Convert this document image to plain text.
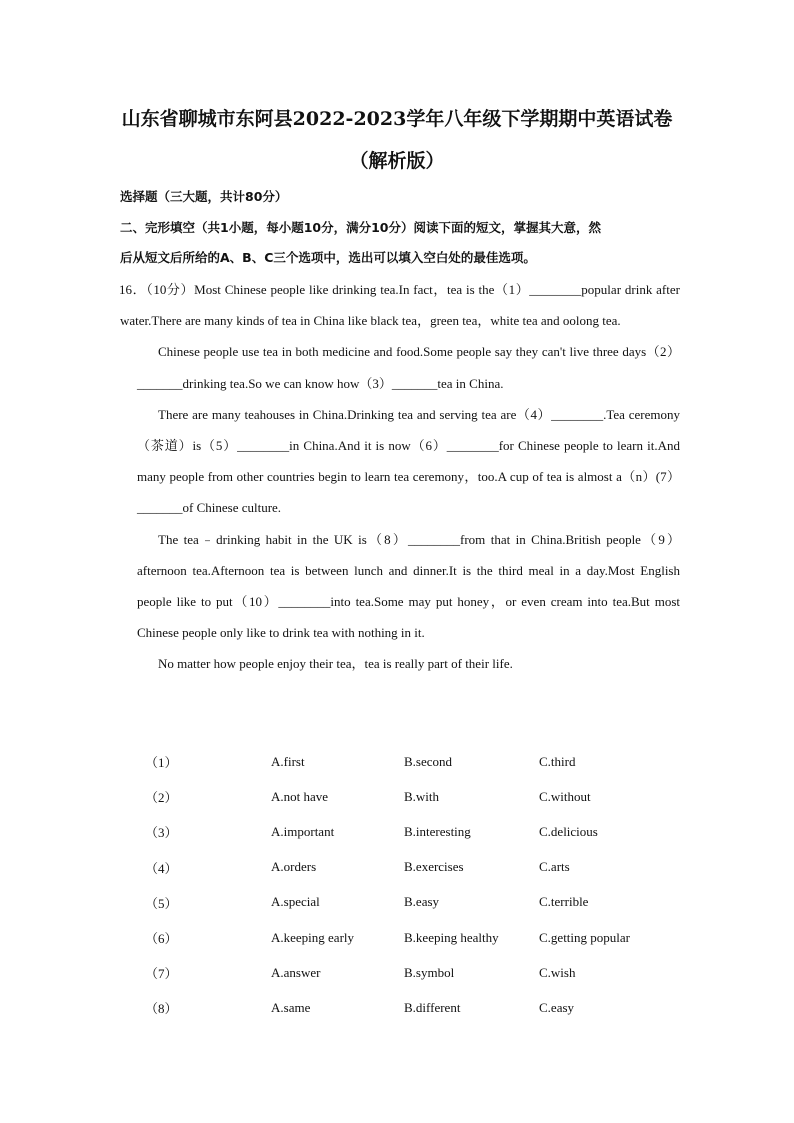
山东省聊城市东阿县2022-2023学年八年级下学期期中英语试卷
（解析版）
选择题（三大题，共计80分）
二、完形填空（共1小题，每小题10分，满分10分）阅读下面的短文，掌握其大意，然
后从短文后所给的A、B、C三个选项中，选出可以填入空白处的最佳选项。

16．（10分）Most Chinese people like drinking tea.In fact，tea is the（1）________popular drink after water.There are many kinds of tea in China like black tea，green tea，white tea and oolong tea.

Chinese people use tea in both medicine and food.Some people say they can't live three days（2）_______drinking tea.So we can know how（3）_______tea in China.

There are many teahouses in China.Drinking tea and serving tea are（4）________.Tea ceremony （茶道）is（5）________in China.And it is now（6）________for Chinese people to learn it.And many people from other countries begin to learn tea ceremony，too.A cup of tea is almost a（n）(7）_______of Chinese culture.

The tea﹣drinking habit in the UK is（8）________from that in China.British people（9）afternoon tea.Afternoon tea is between lunch and dinner.It is the third meal in a day.Most English people like to put（10）________into tea.Some may put honey，or even cream into tea.But most Chinese people only like to drink tea with nothing in it.

No matter how people enjoy their tea，tea is really part of their life.

（1）	A.first	B.second	C.third
（2）	A.not have	B.with	C.without
（3）	A.important	B.interesting	C.delicious
（4）	A.orders	B.exercises	C.arts
（5）	A.special	B.easy	C.terrible
（6）	A.keeping early	B.keeping healthy	C.getting popular
（7）	A.answer	B.symbol	C.wish
（8）	A.same	B.different	C.easy
